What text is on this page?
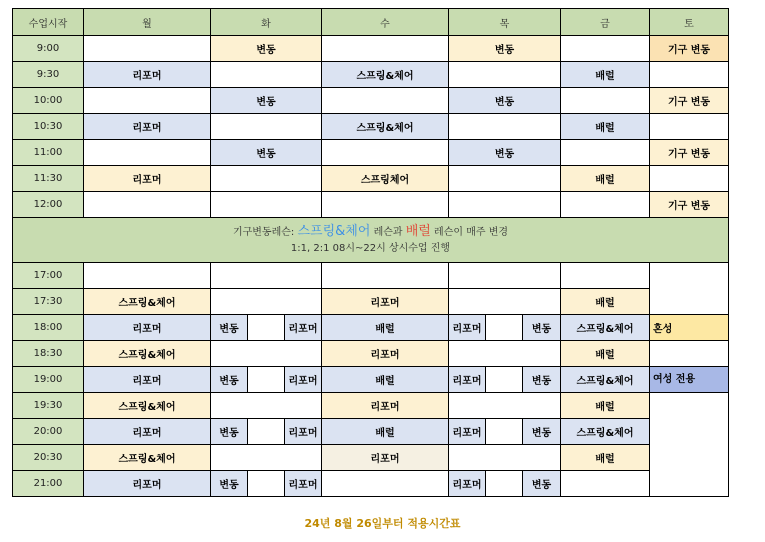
수업시작	월	화			수	목			금	토
9:00		변동				변동				기구 변동
9:30	리포머				스프링&체어				배럴	
10:00		변동				변동				기구 변동
10:30	리포머				스프링&체어				배럴	
11:00		변동				변동				기구 변동
11:30	리포머				스프링체어				배럴	
12:00										기구 변동

기구변동레슨: 스프링&체어 레슨과 배럴 레슨이 매주 변경
1:1, 2:1 08시~22시 상시수업 진행										

17:00										
17:30	스프링&체어				리포머				배럴	
18:00	리포머	변동		리포머	배럴	리포머		변동	스프링&체어	혼성
18:30	스프링&체어				리포머				배럴	
19:00	리포머	변동		리포머	배럴	리포머		변동	스프링&체어	여성 전용
19:30	스프링&체어				리포머				배럴	
20:00	리포머	변동		리포머	배럴	리포머		변동	스프링&체어	
20:30	스프링&체어				리포머				배럴	
21:00	리포머	변동		리포머		리포머		변동		
24년 8월 26일부터 적용시간표
